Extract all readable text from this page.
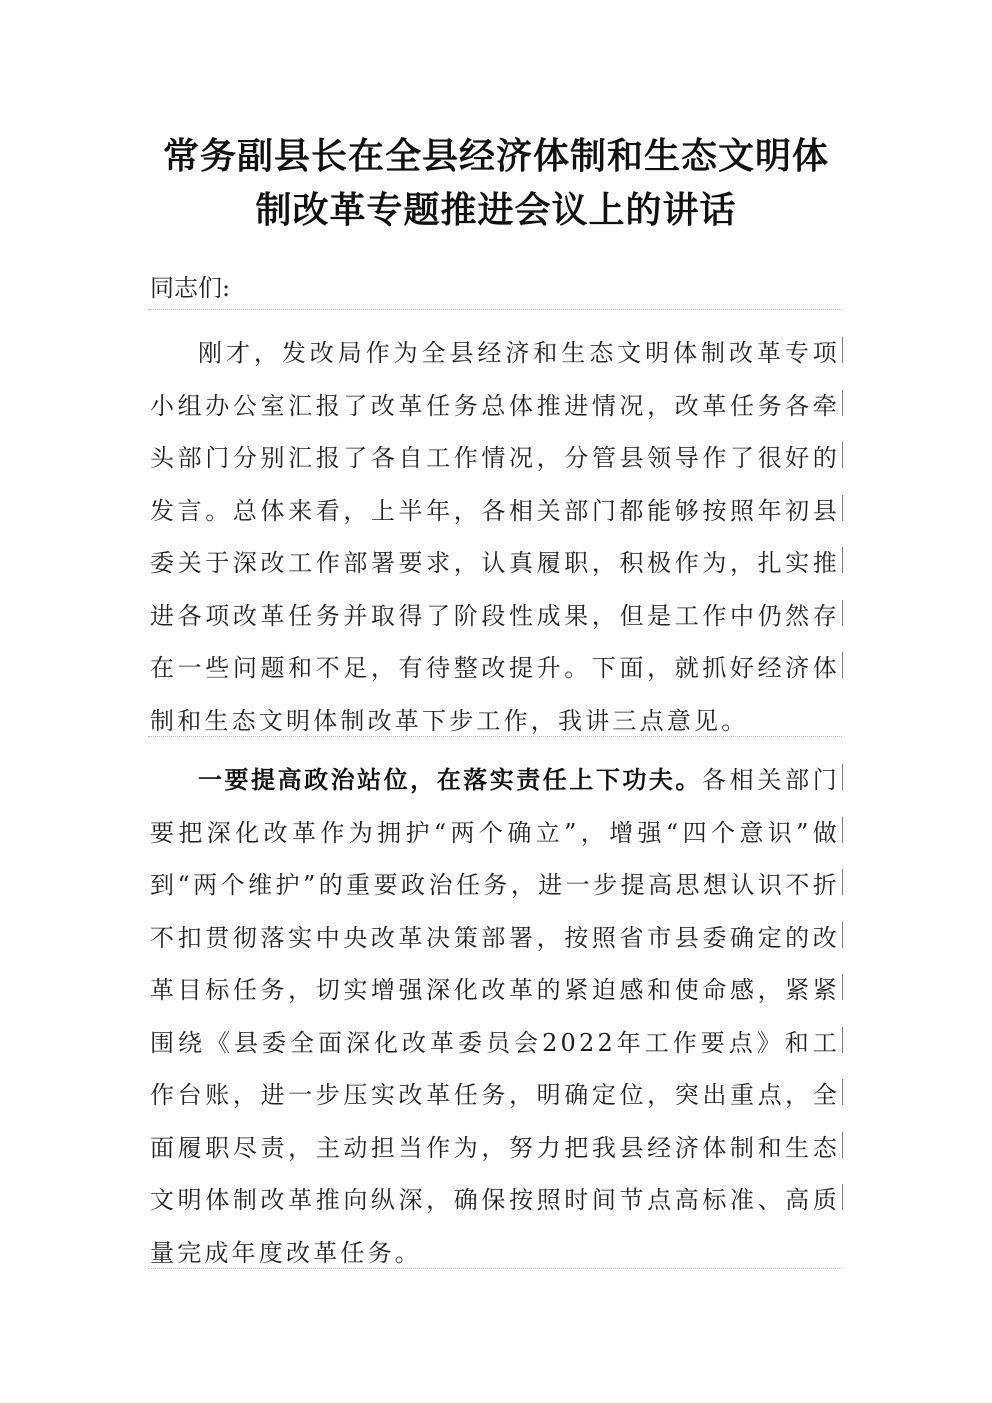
常务副县长在全县经济体制和生态文明体
制改革专题推进会议上的讲话
同志们:

刚才，发改局作为全县经济和生态文明体制改革专项小组办公室汇报了改革任务总体推进情况，改革任务各牵头部门分别汇报了各自工作情况，分管县领导作了很好的发言。总体来看，上半年，各相关部门都能够按照年初县委关于深改工作部署要求，认真履职，积极作为，扎实推进各项改革任务并取得了阶段性成果，但是工作中仍然存在一些问题和不足，有待整改提升。下面，就抓好经济体制和生态文明体制改革下步工作，我讲三点意见。

一要提高政治站位，在落实责任上下功夫。各相关部门要把深化改革作为拥护“两个确立”，增强“四个意识”做到“两个维护”的重要政治任务，进一步提高思想认识不折不扣贯彻落实中央改革决策部署，按照省市县委确定的改革目标任务，切实增强深化改革的紧迫感和使命感，紧紧围绕《县委全面深化改革委员会2022年工作要点》和工作台账，进一步压实改革任务，明确定位，突出重点，全面履职尽责，主动担当作为，努力把我县经济体制和生态文明体制改革推向纵深，确保按照时间节点高标准、高质量完成年度改革任务。
